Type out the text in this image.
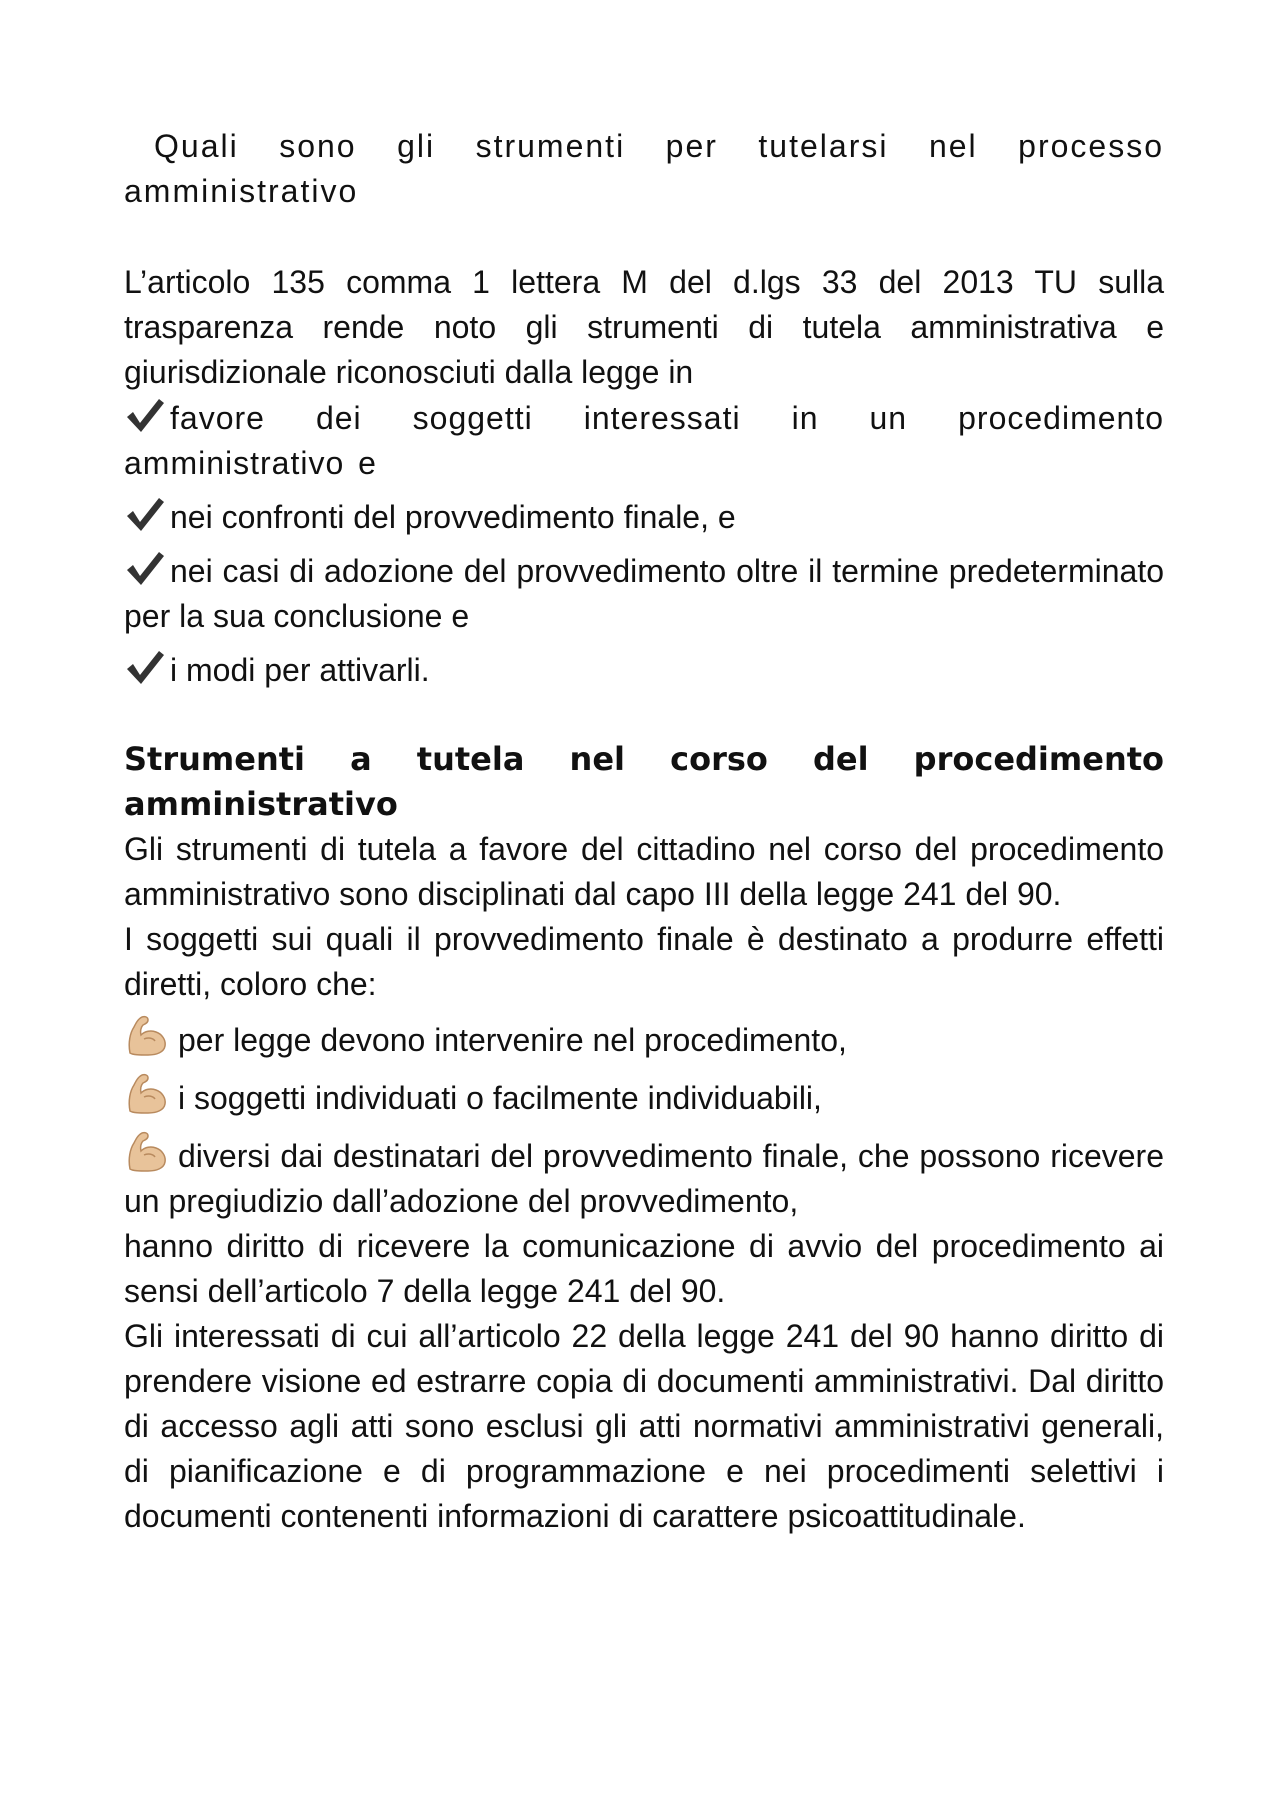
Quali sono gli strumenti per tutelarsi nel processo amministrativo

L’articolo 135 comma 1 lettera M del d.lgs 33 del 2013 TU sulla trasparenza rende noto gli strumenti di tutela amministrativa e giurisdizionale riconosciuti dalla legge in

favore dei soggetti interessati in un procedimento amministrativo e

nei confronti del provvedimento finale, e

nei casi di adozione del provvedimento oltre il termine predeterminato per la sua conclusione e

i modi per attivarli.

Strumenti a tutela nel corso del procedimento amministrativo

Gli strumenti di tutela a favore del cittadino nel corso del procedimento amministrativo sono disciplinati dal capo III della legge 241 del 90.

I soggetti sui quali il provvedimento finale è destinato a produrre effetti diretti, coloro che:

per legge devono intervenire nel procedimento,

i soggetti individuati o facilmente individuabili,

diversi dai destinatari del provvedimento finale, che possono ricevere un pregiudizio dall’adozione del provvedimento,

hanno diritto di ricevere la comunicazione di avvio del procedimento ai sensi dell’articolo 7 della legge 241 del 90.

Gli interessati di cui all’articolo 22 della legge 241 del 90 hanno diritto di prendere visione ed estrarre copia di documenti amministrativi. Dal diritto di accesso agli atti sono esclusi gli atti normativi amministrativi generali, di pianificazione e di programmazione e nei procedimenti selettivi i documenti contenenti informazioni di carattere psicoattitudinale.
